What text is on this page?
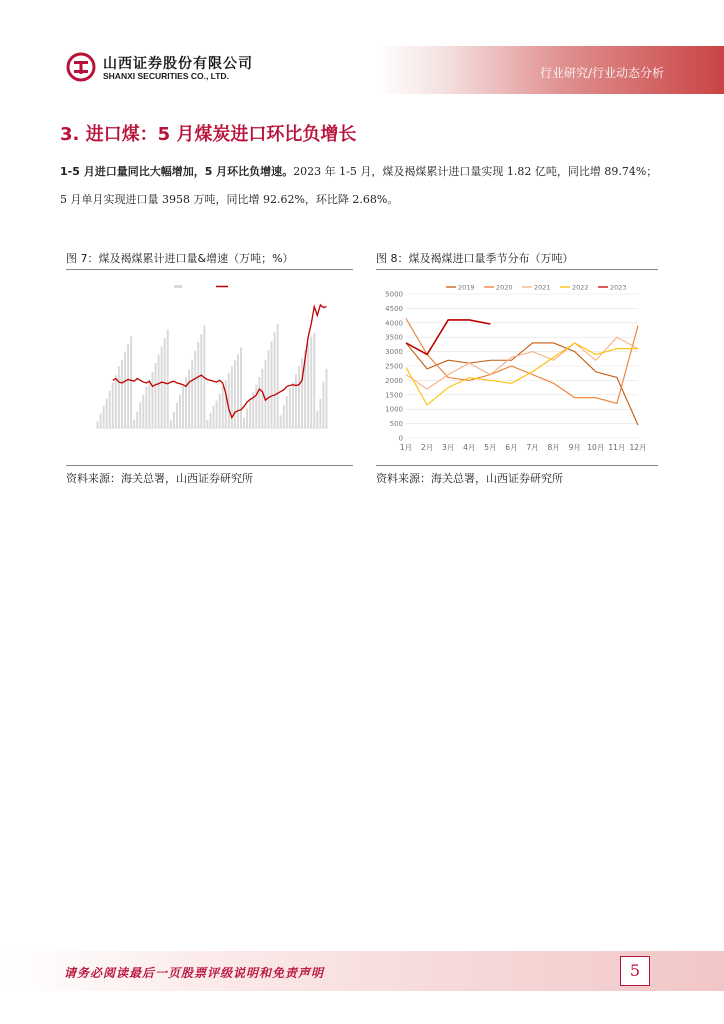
山西证券股份有限公司
SHANXI SECURITIES CO., LTD.	行业研究/行业动态分析
3. 进口煤：5 月煤炭进口环比负增长
1-5 月进口量同比大幅增加，5 月环比负增速。2023 年 1-5 月，煤及褐煤累计进口量实现 1.82 亿吨，同比增 89.74%；5 月单月实现进口量 3958 万吨，同比增 92.62%，环比降 2.68%。
图 7：煤及褐煤累计进口量&增速（万吨；%）
资料来源：海关总署，山西证券研究所
图 8：煤及褐煤进口量季节分布（万吨）
0
500
1000
1500
2000
2500
3000
3500
4000
4500
5000
1月 2月 3月 4月 5月 6月 7月 8月 9月 10月 11月 12月
2019	2020	2021	2022	2023
资料来源：海关总署，山西证券研究所
请务必阅读最后一页股票评级说明和免责声明	5
